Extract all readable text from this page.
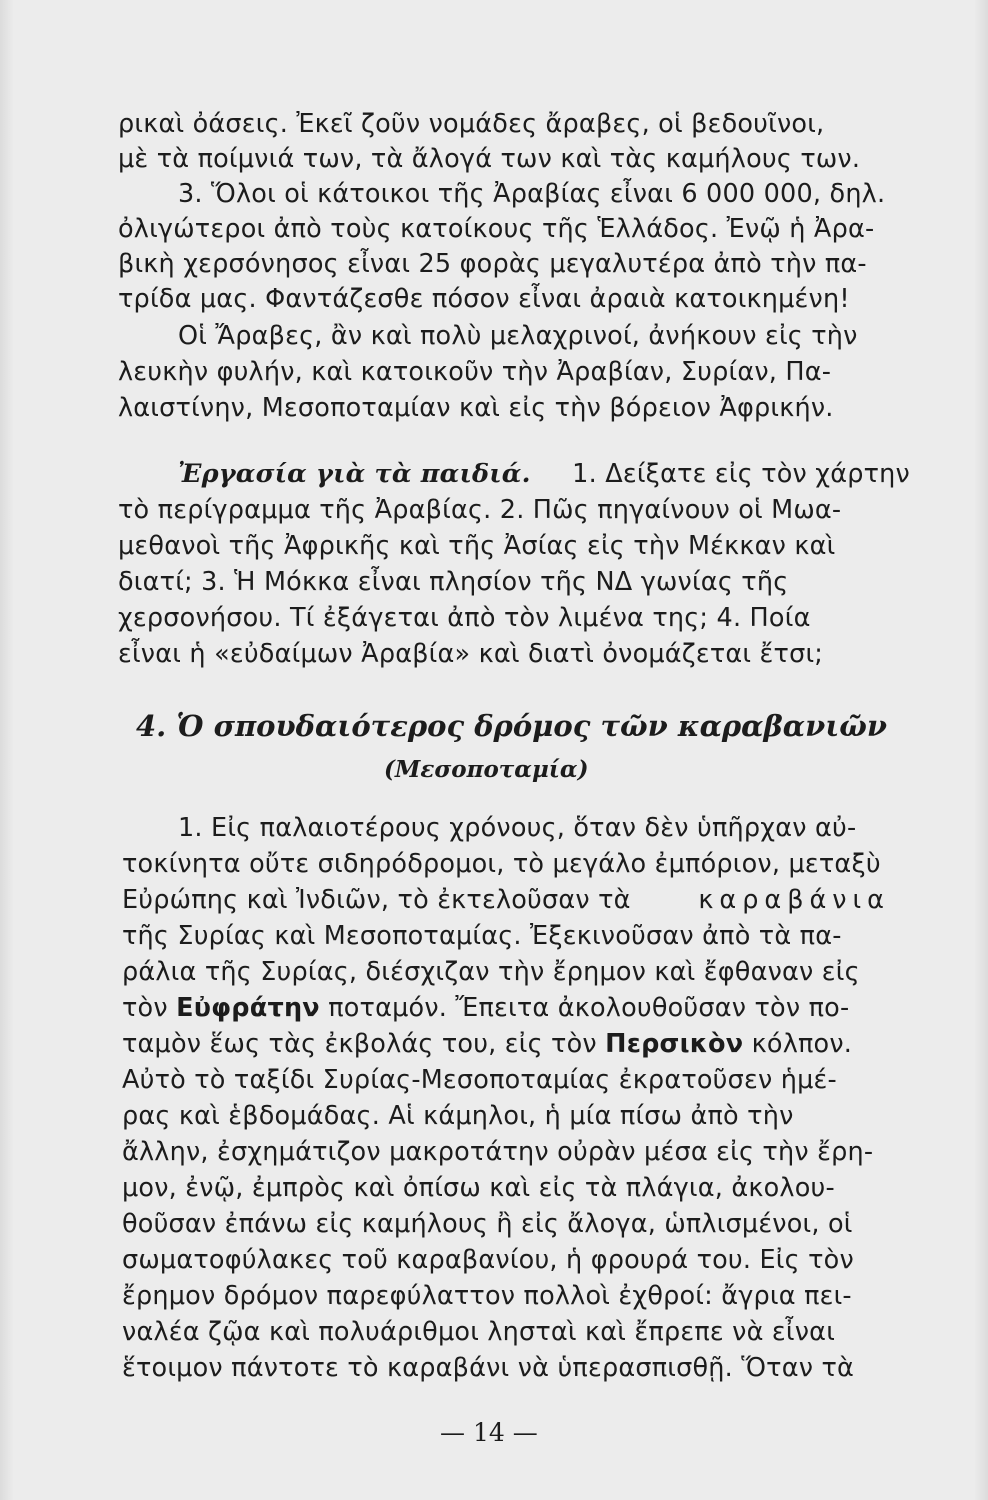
ρικαὶ ὀάσεις. Ἐκεῖ ζοῦν νομάδες ἄραβες, οἱ βεδουῖνοι,
μὲ τὰ ποίμνιά των, τὰ ἄλογά των καὶ τὰς καμήλους των.
3. Ὅλοι οἱ κάτοικοι τῆς Ἀραβίας εἶναι 6 000 000, δηλ.
ὀλιγώτεροι ἀπὸ τοὺς κατοίκους τῆς Ἑλλάδος. Ἐνῷ ἡ Ἀρα-
βικὴ χερσόνησος εἶναι 25 φορὰς μεγαλυτέρα ἀπὸ τὴν πα-
τρίδα μας. Φαντάζεσθε πόσον εἶναι ἀραιὰ κατοικημένη!
Οἱ Ἄραβες, ἂν καὶ πολὺ μελαχρινοί, ἀνήκουν εἰς τὴν
λευκὴν φυλήν, καὶ κατοικοῦν τὴν Ἀραβίαν, Συρίαν, Πα-
λαιστίνην, Μεσοποταμίαν καὶ εἰς τὴν βόρειον Ἀφρικήν.
Ἐργασία γιὰ τὰ παιδιά. 1. Δείξατε εἰς τὸν χάρτην
τὸ περίγραμμα τῆς Ἀραβίας. 2. Πῶς πηγαίνουν οἱ Μωα-
μεθανοὶ τῆς Ἀφρικῆς καὶ τῆς Ἀσίας εἰς τὴν Μέκκαν καὶ
διατί; 3. Ἡ Μόκκα εἶναι πλησίον τῆς ΝΔ γωνίας τῆς
χερσονήσου. Τί ἐξάγεται ἀπὸ τὸν λιμένα της; 4. Ποία
εἶναι ἡ «εὐδαίμων Ἀραβία» καὶ διατὶ ὀνομάζεται ἔτσι;
4. Ὁ σπουδαιότερος δρόμος τῶν καραβανιῶν
(Μεσοποταμία)
1. Εἰς παλαιοτέρους χρόνους, ὅταν δὲν ὑπῆρχαν αὐ-
τοκίνητα οὔτε σιδηρόδρομοι, τὸ μεγάλο ἐμπόριον, μεταξὺ
Εὐρώπης καὶ Ἰνδιῶν, τὸ ἐκτελοῦσαν τὰ	καραβάνια
τῆς Συρίας καὶ Μεσοποταμίας. Ἐξεκινοῦσαν ἀπὸ τὰ πα-
ράλια τῆς Συρίας, διέσχιζαν τὴν ἔρημον καὶ ἔφθαναν εἰς
τὸν Εὐφράτην ποταμόν. Ἔπειτα ἀκολουθοῦσαν τὸν πο-
ταμὸν ἕως τὰς ἐκβολάς του, εἰς τὸν Περσικὸν κόλπον.
Αὐτὸ τὸ ταξίδι Συρίας-Μεσοποταμίας ἐκρατοῦσεν ἡμέ-
ρας καὶ ἑβδομάδας. Αἱ κάμηλοι, ἡ μία πίσω ἀπὸ τὴν
ἄλλην, ἐσχημάτιζον μακροτάτην οὐρὰν μέσα εἰς τὴν ἔρη-
μον, ἐνῷ, ἐμπρὸς καὶ ὀπίσω καὶ εἰς τὰ πλάγια, ἀκολου-
θοῦσαν ἐπάνω εἰς καμήλους ἢ εἰς ἄλογα, ὡπλισμένοι, οἱ
σωματοφύλακες τοῦ καραβανίου, ἡ φρουρά του. Εἰς τὸν
ἔρημον δρόμον παρεφύλαττον πολλοὶ ἐχθροί: ἄγρια πει-
ναλέα ζῷα καὶ πολυάριθμοι λησταὶ καὶ ἔπρεπε νὰ εἶναι
ἕτοιμον πάντοτε τὸ καραβάνι νὰ ὑπερασπισθῇ. Ὅταν τὰ
— 14 —
